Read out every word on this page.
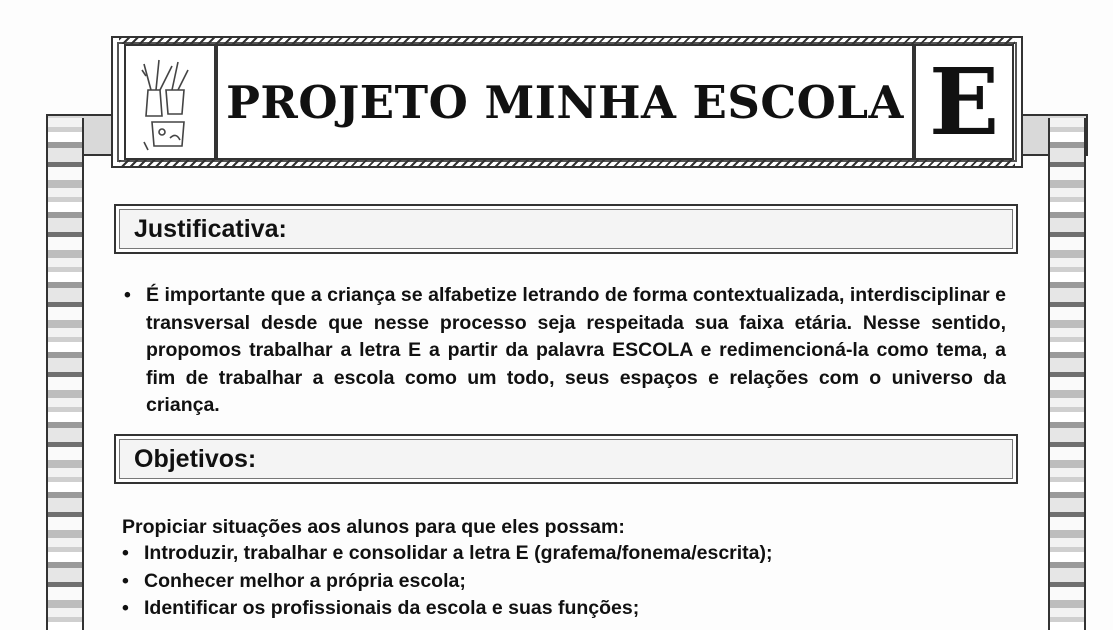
PROJETO MINHA ESCOLA E
Justificativa:
• É importante que a criança se alfabetize letrando de forma contextualizada, interdisciplinar e transversal desde que nesse processo seja respeitada sua faixa etária. Nesse sentido, propomos trabalhar a letra E a partir da palavra ESCOLA e redimencioná-la como tema, a fim de trabalhar a escola como um todo, seus espaços e relações com o universo da criança.
Objetivos:
Propiciar situações aos alunos para que eles possam:
• Introduzir, trabalhar e consolidar a letra E (grafema/fonema/escrita);
• Conhecer melhor a própria escola;
• Identificar os profissionais da escola e suas funções;
